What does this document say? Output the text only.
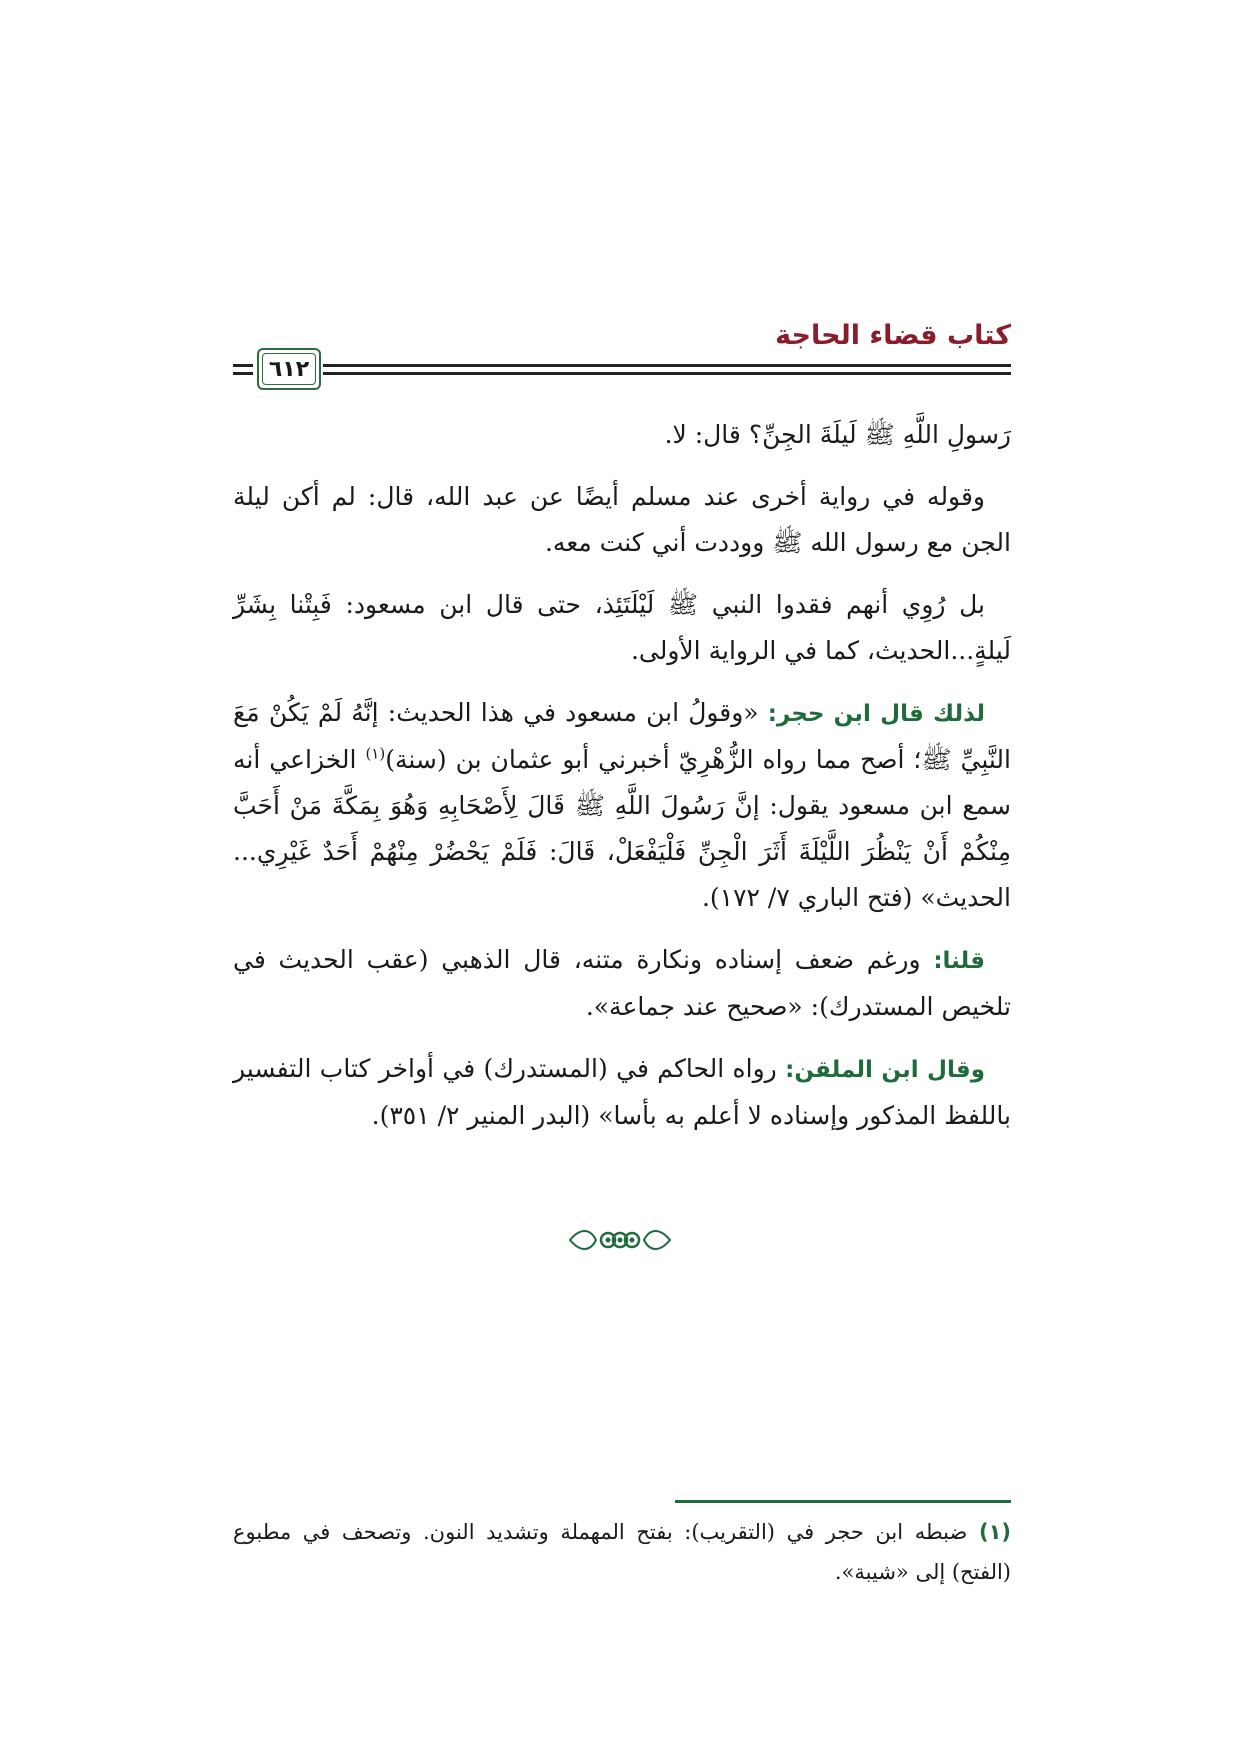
كتاب قضاء الحاجة
٦١٢

رَسولِ اللَّهِ ﷺ لَيلَةَ الجِنِّ؟ قال: لا.

وقوله في رواية أخرى عند مسلم أيضًا عن عبد الله، قال: لم أكن ليلة الجن مع رسول الله ﷺ ووددت أني كنت معه.

بل رُوِي أنهم فقدوا النبي ﷺ لَيْلَتَئِذ، حتى قال ابن مسعود: فَبِتْنا بِشَرِّ لَيلةٍ...الحديث، كما في الرواية الأولى.

لذلك قال ابن حجر: «وقولُ ابن مسعود في هذا الحديث: إنَّهُ لَمْ يَكُنْ مَعَ النَّبِيِّ ﷺ؛ أصح مما رواه الزُّهْرِيّ أخبرني أبو عثمان بن (سنة)$^{(١)}$ الخزاعي أنه سمع ابن مسعود يقول: إنَّ رَسُولَ اللَّهِ ﷺ قَالَ لِأَصْحَابِهِ وَهُوَ بِمَكَّةَ مَنْ أَحَبَّ مِنْكُمْ أَنْ يَنْظُرَ اللَّيْلَةَ أَثَرَ الْجِنِّ فَلْيَفْعَلْ، قَالَ: فَلَمْ يَحْضُرْ مِنْهُمْ أَحَدٌ غَيْرِي... الحديث» (فتح الباري ٧/ ١٧٢).

قلنا: ورغم ضعف إسناده ونكارة متنه، قال الذهبي (عقب الحديث في تلخيص المستدرك): «صحيح عند جماعة».

وقال ابن الملقن: رواه الحاكم في (المستدرك) في أواخر كتاب التفسير باللفظ المذكور وإسناده لا أعلم به بأسا» (البدر المنير ٢/ ٣٥١).

(١) ضبطه ابن حجر في (التقريب): بفتح المهملة وتشديد النون. وتصحف في مطبوع (الفتح) إلى «شيبة».
